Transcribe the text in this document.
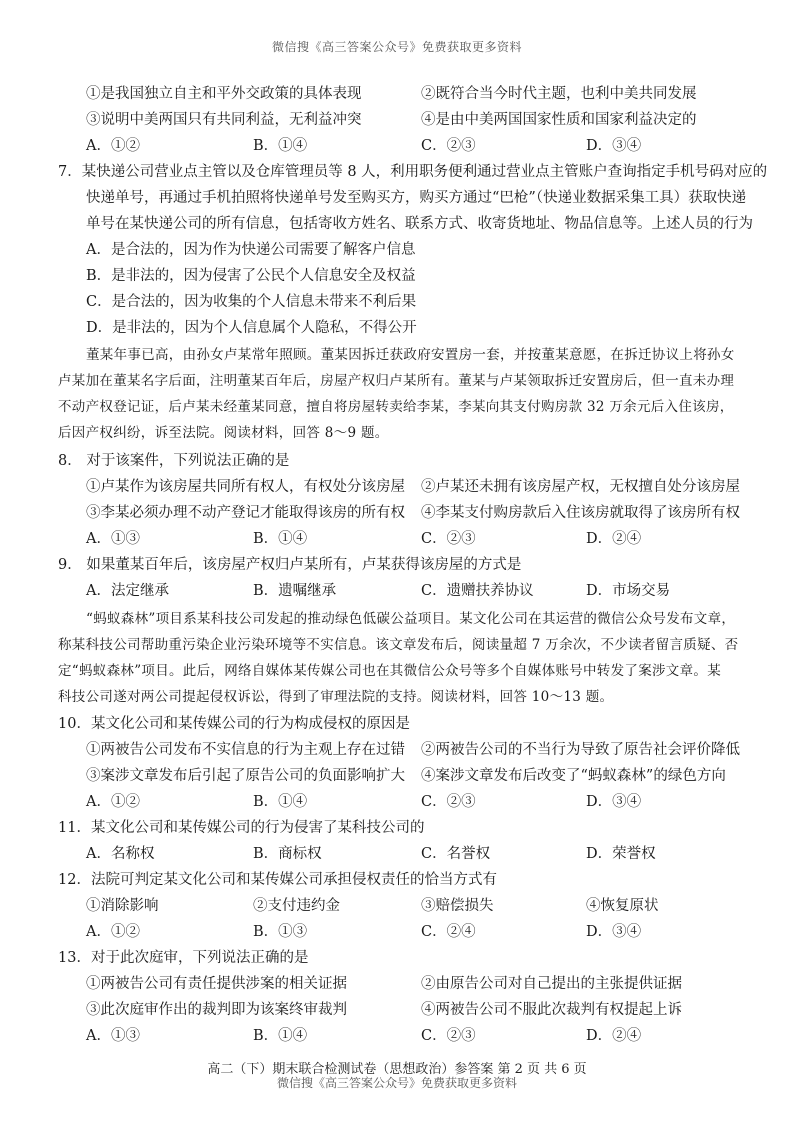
微信搜《高三答案公众号》免费获取更多资料
①是我国独立自主和平外交政策的具体表现	②既符合当今时代主题，也利中美共同发展
③说明中美两国只有共同利益，无利益冲突	④是由中美两国国家性质和国家利益决定的
A．①②	B．①④	C．②③	D．③④
7．某快递公司营业点主管以及仓库管理员等 8 人，利用职务便利通过营业点主管账户查询指定手机号码对应的
快递单号，再通过手机拍照将快递单号发至购买方，购买方通过“巴枪”（快递业数据采集工具）获取快递
单号在某快递公司的所有信息，包括寄收方姓名、联系方式、收寄货地址、物品信息等。上述人员的行为
A．是合法的，因为作为快递公司需要了解客户信息
B．是非法的，因为侵害了公民个人信息安全及权益
C．是合法的，因为收集的个人信息未带来不利后果
D．是非法的，因为个人信息属个人隐私，不得公开
董某年事已高，由孙女卢某常年照顾。董某因拆迁获政府安置房一套，并按董某意愿，在拆迁协议上将孙女
卢某加在董某名字后面，注明董某百年后，房屋产权归卢某所有。董某与卢某领取拆迁安置房后，但一直未办理
不动产权登记证，后卢某未经董某同意，擅自将房屋转卖给李某，李某向其支付购房款 32 万余元后入住该房，
后因产权纠纷，诉至法院。阅读材料，回答 8～9 题。
8． 对于该案件，下列说法正确的是
①卢某作为该房屋共同所有权人，有权处分该房屋 ②卢某还未拥有该房屋产权，无权擅自处分该房屋
③李某必须办理不动产登记才能取得该房的所有权 ④李某支付购房款后入住该房就取得了该房所有权
A．①③	B．①④	C．②③	D．②④
9． 如果董某百年后，该房屋产权归卢某所有，卢某获得该房屋的方式是
A．法定继承	B．遗嘱继承	C．遗赠扶养协议	D．市场交易
“蚂蚁森林”项目系某科技公司发起的推动绿色低碳公益项目。某文化公司在其运营的微信公众号发布文章，
称某科技公司帮助重污染企业污染环境等不实信息。该文章发布后，阅读量超 7 万余次，不少读者留言质疑、否
定“蚂蚁森林”项目。此后，网络自媒体某传媒公司也在其微信公众号等多个自媒体账号中转发了案涉文章。某
科技公司遂对两公司提起侵权诉讼，得到了审理法院的支持。阅读材料，回答 10～13 题。
10．某文化公司和某传媒公司的行为构成侵权的原因是
①两被告公司发布不实信息的行为主观上存在过错 ②两被告公司的不当行为导致了原告社会评价降低
③案涉文章发布后引起了原告公司的负面影响扩大 ④案涉文章发布后改变了“蚂蚁森林”的绿色方向
A．①②	B．①④	C．②③	D．③④
11．某文化公司和某传媒公司的行为侵害了某科技公司的
A．名称权	B．商标权	C．名誉权	D．荣誉权
12．法院可判定某文化公司和某传媒公司承担侵权责任的恰当方式有
①消除影响	②支付违约金	③赔偿损失	④恢复原状
A．①②	B．①③	C．②④	D．③④
13．对于此次庭审，下列说法正确的是
①两被告公司有责任提供涉案的相关证据	②由原告公司对自己提出的主张提供证据
③此次庭审作出的裁判即为该案终审裁判	④两被告公司不服此次裁判有权提起上诉
A．①③	B．①④	C．②③	D．②④
高二（下）期末联合检测试卷（思想政治）参答案 第 2 页 共 6 页
微信搜《高三答案公众号》免费获取更多资料
